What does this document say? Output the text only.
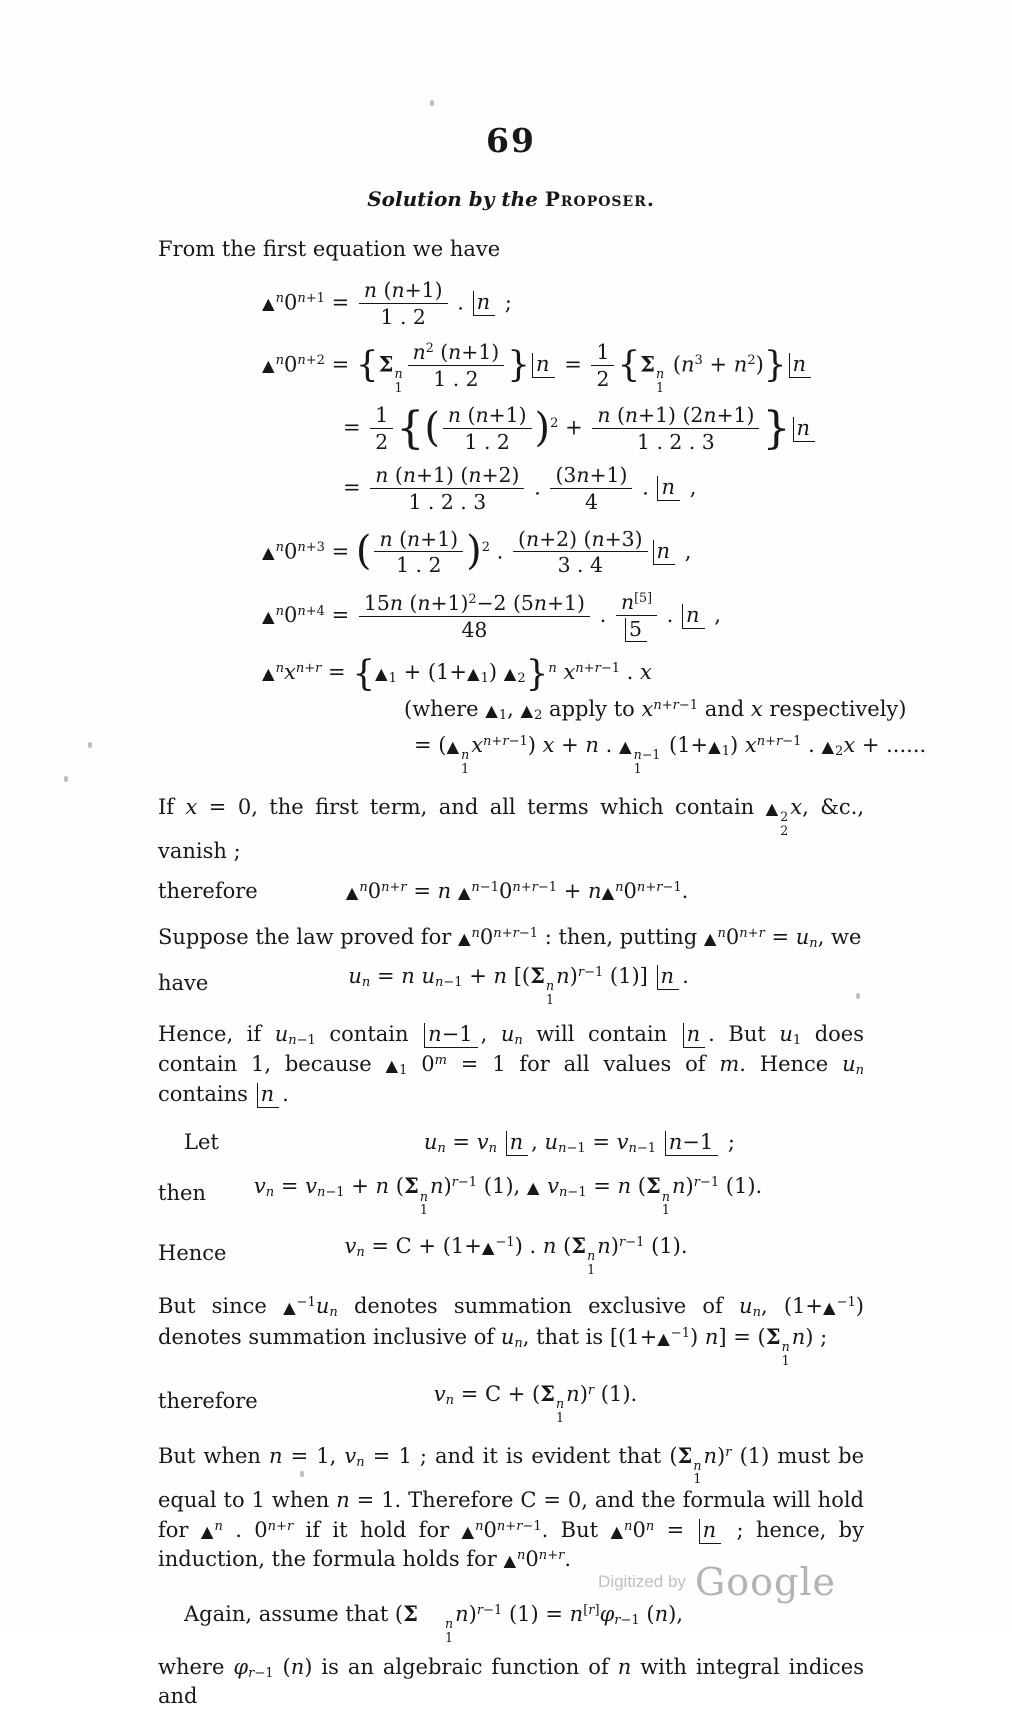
69
Solution by the Proposer.
From the first equation we have
$▲^n0^{n+1} = \frac{n (n+1)}{1 . 2}$ . n ;
$▲^n0^{n+2} = \{\Sigma$ n
$1 \frac{n^2 (n+1)}{1 . 2}$ } $n = \frac{1}{2} \{\Sigma$ n
1
$(n^3 + n^2)$} n
= $\frac{1}{2}$ {( $\frac{n (n+1)}{1 . 2} )^2 + \frac{n (n+1) (2n+1)}{1 . 2 . 3}$ } n
= $\frac{n (n+1) (n+2)}{1 . 2 . 3}$ . $\frac{(3n+1)}{4}$ . n ,
$▲^n0^{n+3}$ = ( $\frac{n (n+1)}{1 . 2} )^2$ . $\frac{(n+2) (n+3)}{3 . 4}$ n ,
$▲^n0^{n+4} = \frac{15n (n+1)^2-2 (5n+1)}{48}$ . $\frac{n^{[5]}}{5}$ . n ,
$▲^nx^{n+r}$ = {$▲_1$ + $(1+▲_1)$ $▲_2\}^n$ $x^{n+r-1}$ . x
(where $▲_1$, $▲_2$ apply to $x^{n+r-1}$ and x respectively)
= (▲ n
1
$x^{n+r-1}$) x + n . ▲ n−1
1
$(1+▲_1)$ $x^{n+r-1}$ . $▲_2x$ + ......
If x = 0, the first term, and all terms which contain ▲ 2
2
x, &c., vanish ;
therefore	$▲^n0^{n+r} = n$ $▲^{n-1}0^{n+r-1}$ + $n▲^n0^{n+r-1}$.
Suppose the law proved for $▲^n0^{n+r-1}$ : then, putting $▲^n0^{n+r} = u_n$, we
have	$u_n = n$ $u_{n-1} + n$ [(Σ n
1
n)$^{r-1}$ (1)] n .
Hence, if $u_{n-1}$ contain n−1 , $u_n$ will contain n . But $u_1$ does contain 1, because $▲_1$ $0^m = 1$ for all values of m. Hence $u_n$ contains n .
Let	$u_n = v_n$ n , $u_{n-1} = v_{n-1}$ n−1 ;
then $v_n = v_{n-1} + n$ (Σ n
1
n)$^{r-1}$ (1), ▲ $v_{n-1} = n$ (Σ n
1
n)$^{r-1}$ (1).
Hence	$v_n = C$ + (1+▲$^{-1}$) . n (Σ n
1
n)$^{r-1}$ (1).
But since $▲^{-1}u_n$ denotes summation exclusive of $u_n$, (1+▲$^{-1}$) denotes summation inclusive of $u_n$, that is [(1+▲$^{-1}$) n] = (Σ n
1
n) ;
therefore	$v_n = C + (\Sigma$ n
1
n)$^r$ (1).
But when n = 1, $v_n = 1$ ; and it is evident that (Σ n
1
n)$^r$ (1) must be equal to 1 when n = 1. Therefore C = 0, and the formula will hold for ▲$^n$ . $0^{n+r}$ if it hold for $▲^n0^{n+r-1}$. But $▲^n0^n = n$ ; hence, by induction, the formula holds for $▲^n0^{n+r}$.
Again, assume that (Σ	n
1
n)$^{r-1}$ $(1) = n[r]\varphi_{r-1}$ (n),
where $\varphi_{r-1}$ (n) is an algebraic function of n with integral indices and
Digitized by Google
